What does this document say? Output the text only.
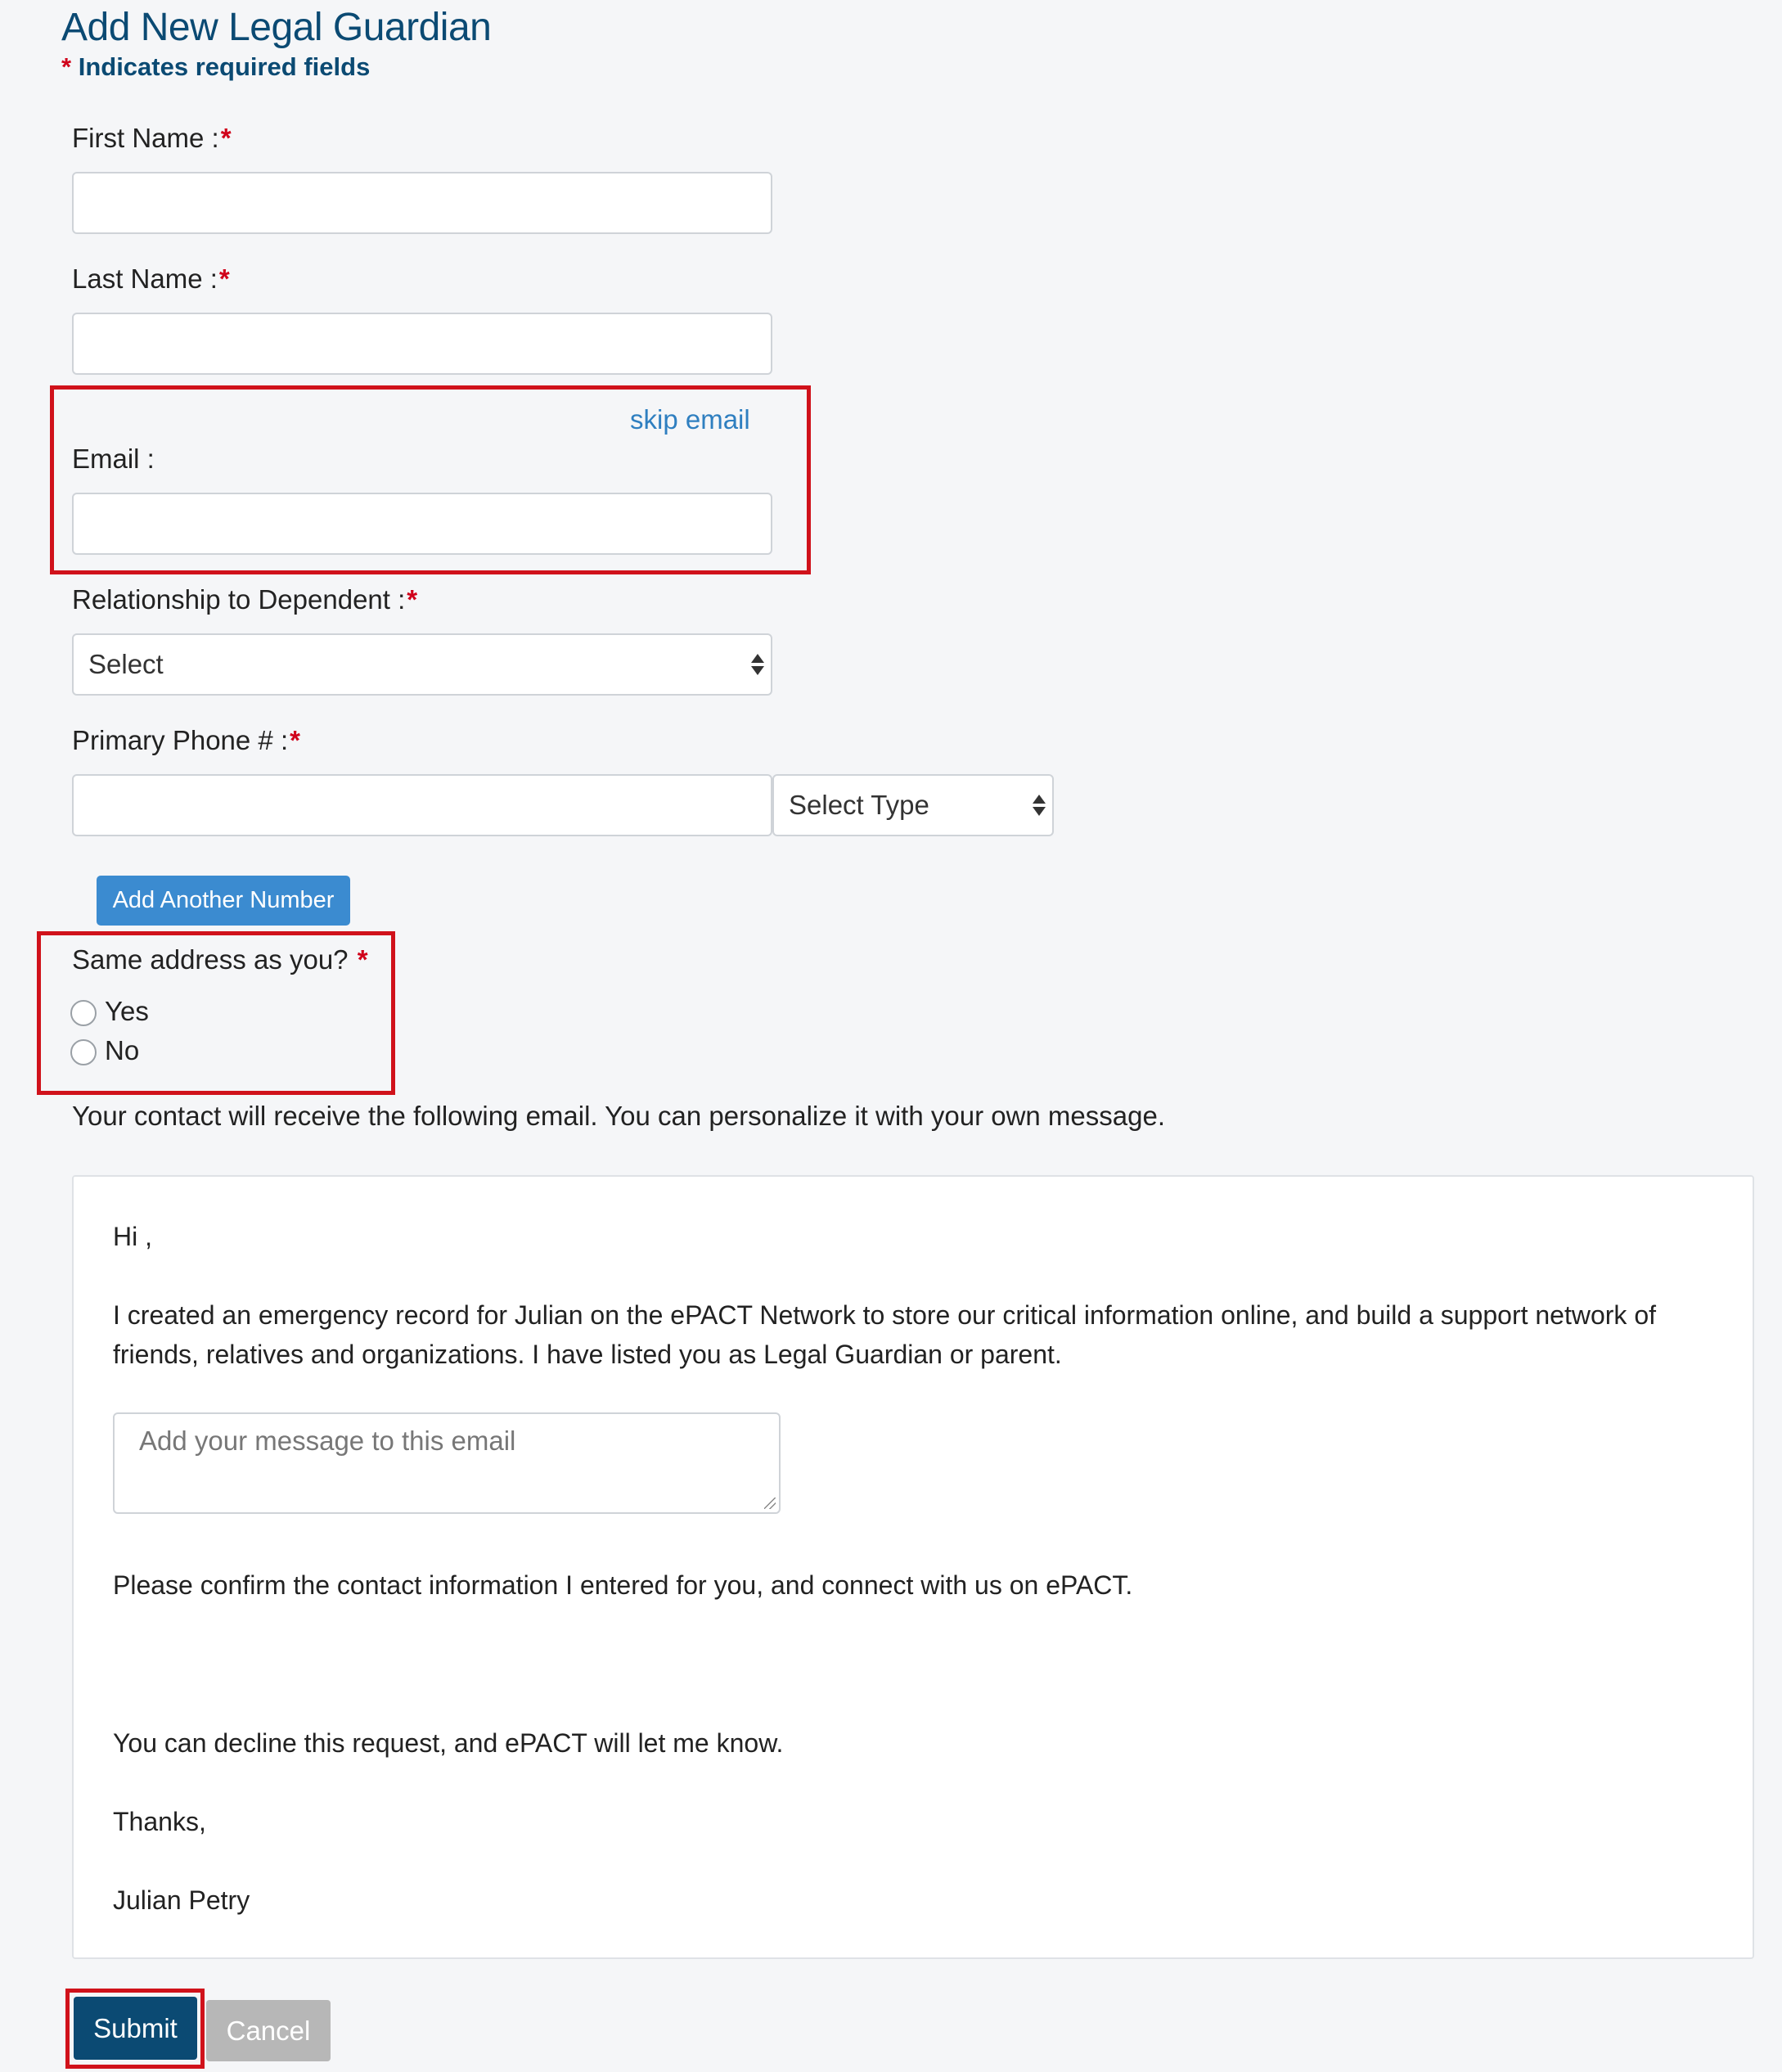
Add New Legal Guardian
* Indicates required fields
First Name :*
Last Name :*
skip email
Email :
Relationship to Dependent :*
Select
Primary Phone # :*
Select Type
Add Another Number
Same address as you? *
Yes
No
Your contact will receive the following email. You can personalize it with your own message.
Hi ,
I created an emergency record for Julian on the ePACT Network to store our critical information online, and build a support network of friends, relatives and organizations. I have listed you as Legal Guardian or parent.
Add your message to this email
Please confirm the contact information I entered for you, and connect with us on ePACT.
You can decline this request, and ePACT will let me know.
Thanks,
Julian Petry
Submit	Cancel
